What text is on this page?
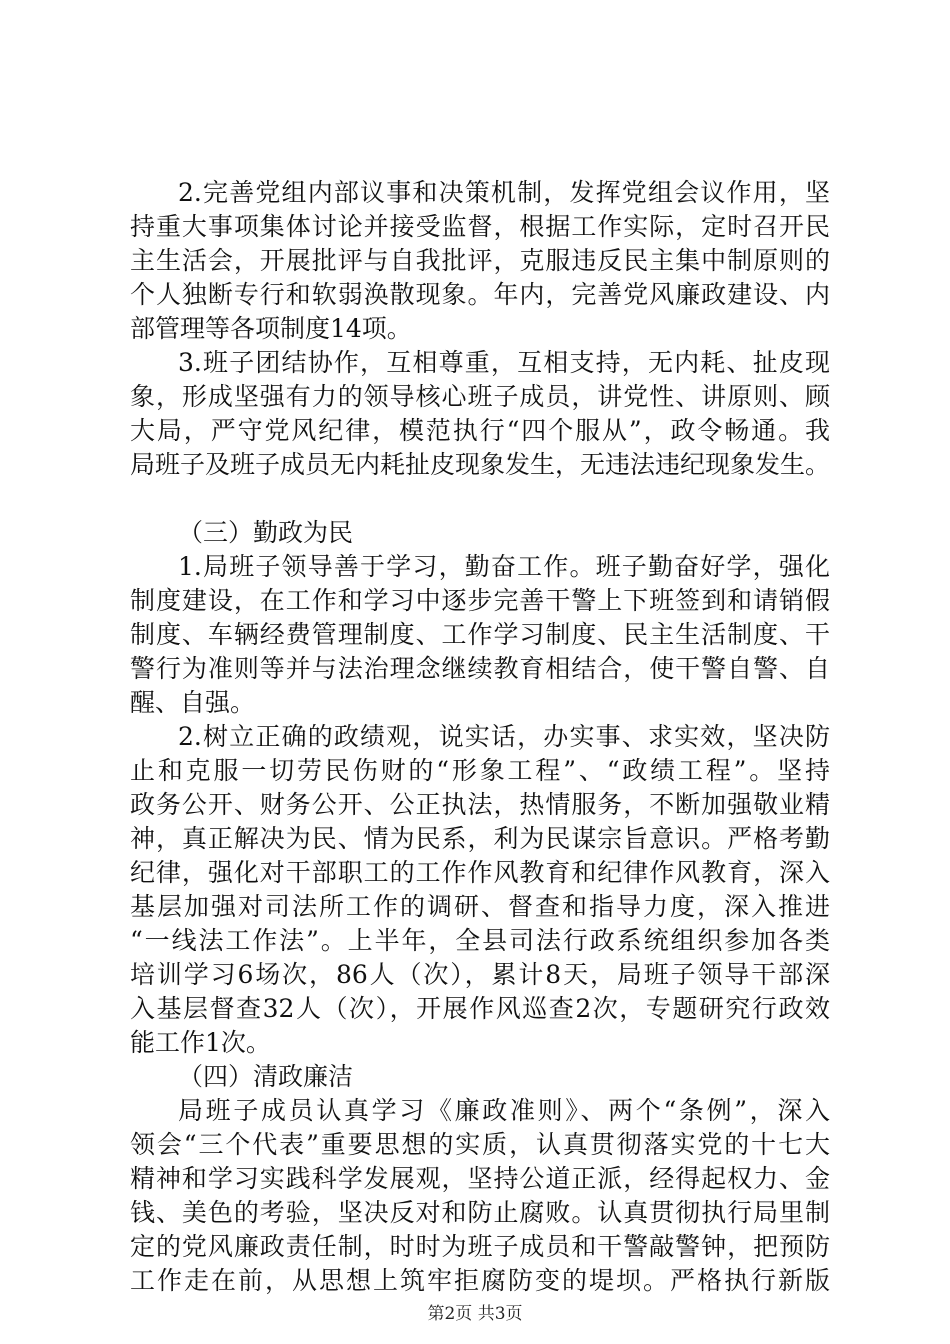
2.完善党组内部议事和决策机制，发挥党组会议作用，坚
持重大事项集体讨论并接受监督，根据工作实际，定时召开民
主生活会，开展批评与自我批评，克服违反民主集中制原则的
个人独断专行和软弱涣散现象。年内，完善党风廉政建设、内
部管理等各项制度14项。
3.班子团结协作，互相尊重，互相支持，无内耗、扯皮现
象，形成坚强有力的领导核心班子成员，讲党性、讲原则、顾
大局，严守党风纪律，模范执行“四个服从”，政令畅通。我
局班子及班子成员无内耗扯皮现象发生，无违法违纪现象发生。
（三）勤政为民
1.局班子领导善于学习，勤奋工作。班子勤奋好学，强化
制度建设，在工作和学习中逐步完善干警上下班签到和请销假
制度、车辆经费管理制度、工作学习制度、民主生活制度、干
警行为准则等并与法治理念继续教育相结合，使干警自警、自
醒、自强。
2.树立正确的政绩观，说实话，办实事、求实效，坚决防
止和克服一切劳民伤财的“形象工程”、“政绩工程”。坚持
政务公开、财务公开、公正执法，热情服务，不断加强敬业精
神，真正解决为民、情为民系，利为民谋宗旨意识。严格考勤
纪律，强化对干部职工的工作作风教育和纪律作风教育，深入
基层加强对司法所工作的调研、督查和指导力度，深入推进
“一线法工作法”。上半年，全县司法行政系统组织参加各类
培训学习6场次，86人（次），累计8天，局班子领导干部深
入基层督查32人（次），开展作风巡查2次，专题研究行政效
能工作1次。
（四）清政廉洁
局班子成员认真学习《廉政准则》、两个“条例”，深入
领会“三个代表”重要思想的实质，认真贯彻落实党的十七大
精神和学习实践科学发展观，坚持公道正派，经得起权力、金
钱、美色的考验，坚决反对和防止腐败。认真贯彻执行局里制
定的党风廉政责任制，时时为班子成员和干警敲警钟，把预防
工作走在前，从思想上筑牢拒腐防变的堤坝。严格执行新版
第2页 共3页
